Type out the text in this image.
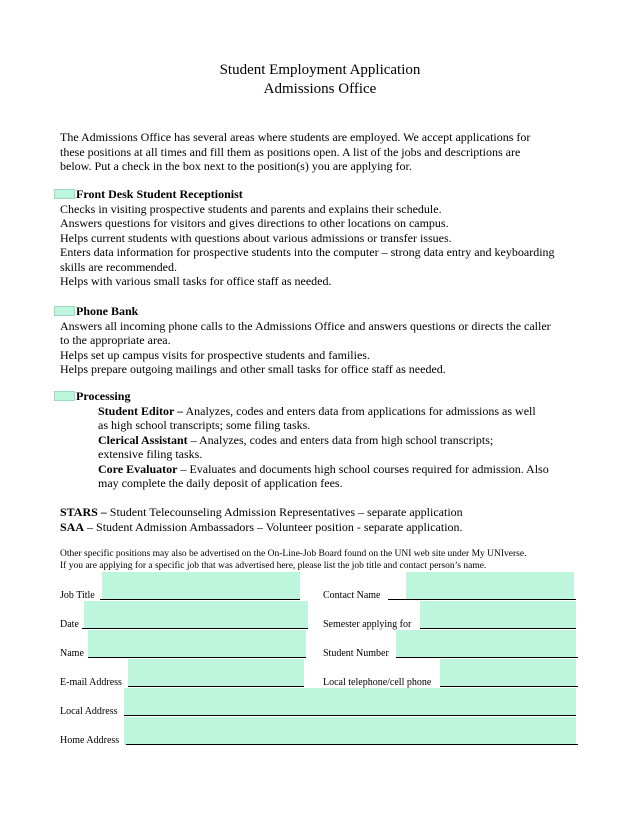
Student Employment Application
Admissions Office
The Admissions Office has several areas where students are employed. We accept applications for
these positions at all times and fill them as positions open. A list of the jobs and descriptions are
below. Put a check in the box next to the position(s) you are applying for.
Front Desk Student Receptionist
Checks in visiting prospective students and parents and explains their schedule.
Answers questions for visitors and gives directions to other locations on campus.
Helps current students with questions about various admissions or transfer issues.
Enters data information for prospective students into the computer – strong data entry and keyboarding
skills are recommended.
Helps with various small tasks for office staff as needed.
Phone Bank
Answers all incoming phone calls to the Admissions Office and answers questions or directs the caller
to the appropriate area.
Helps set up campus visits for prospective students and families.
Helps prepare outgoing mailings and other small tasks for office staff as needed.
Processing
Student Editor – Analyzes, codes and enters data from applications for admissions as well
as high school transcripts; some filing tasks.
Clerical Assistant – Analyzes, codes and enters data from high school transcripts;
extensive filing tasks.
Core Evaluator – Evaluates and documents high school courses required for admission. Also
may complete the daily deposit of application fees.
STARS – Student Telecounseling Admission Representatives – separate application
SAA – Student Admission Ambassadors – Volunteer position - separate application.
Other specific positions may also be advertised on the On-Line-Job Board found on the UNI web site under My UNIverse.
If you are applying for a specific job that was advertised here, please list the job title and contact person’s name.
Job Title	Contact Name
Date	Semester applying for
Name	Student Number
E-mail Address	Local telephone/cell phone
Local Address
Home Address
